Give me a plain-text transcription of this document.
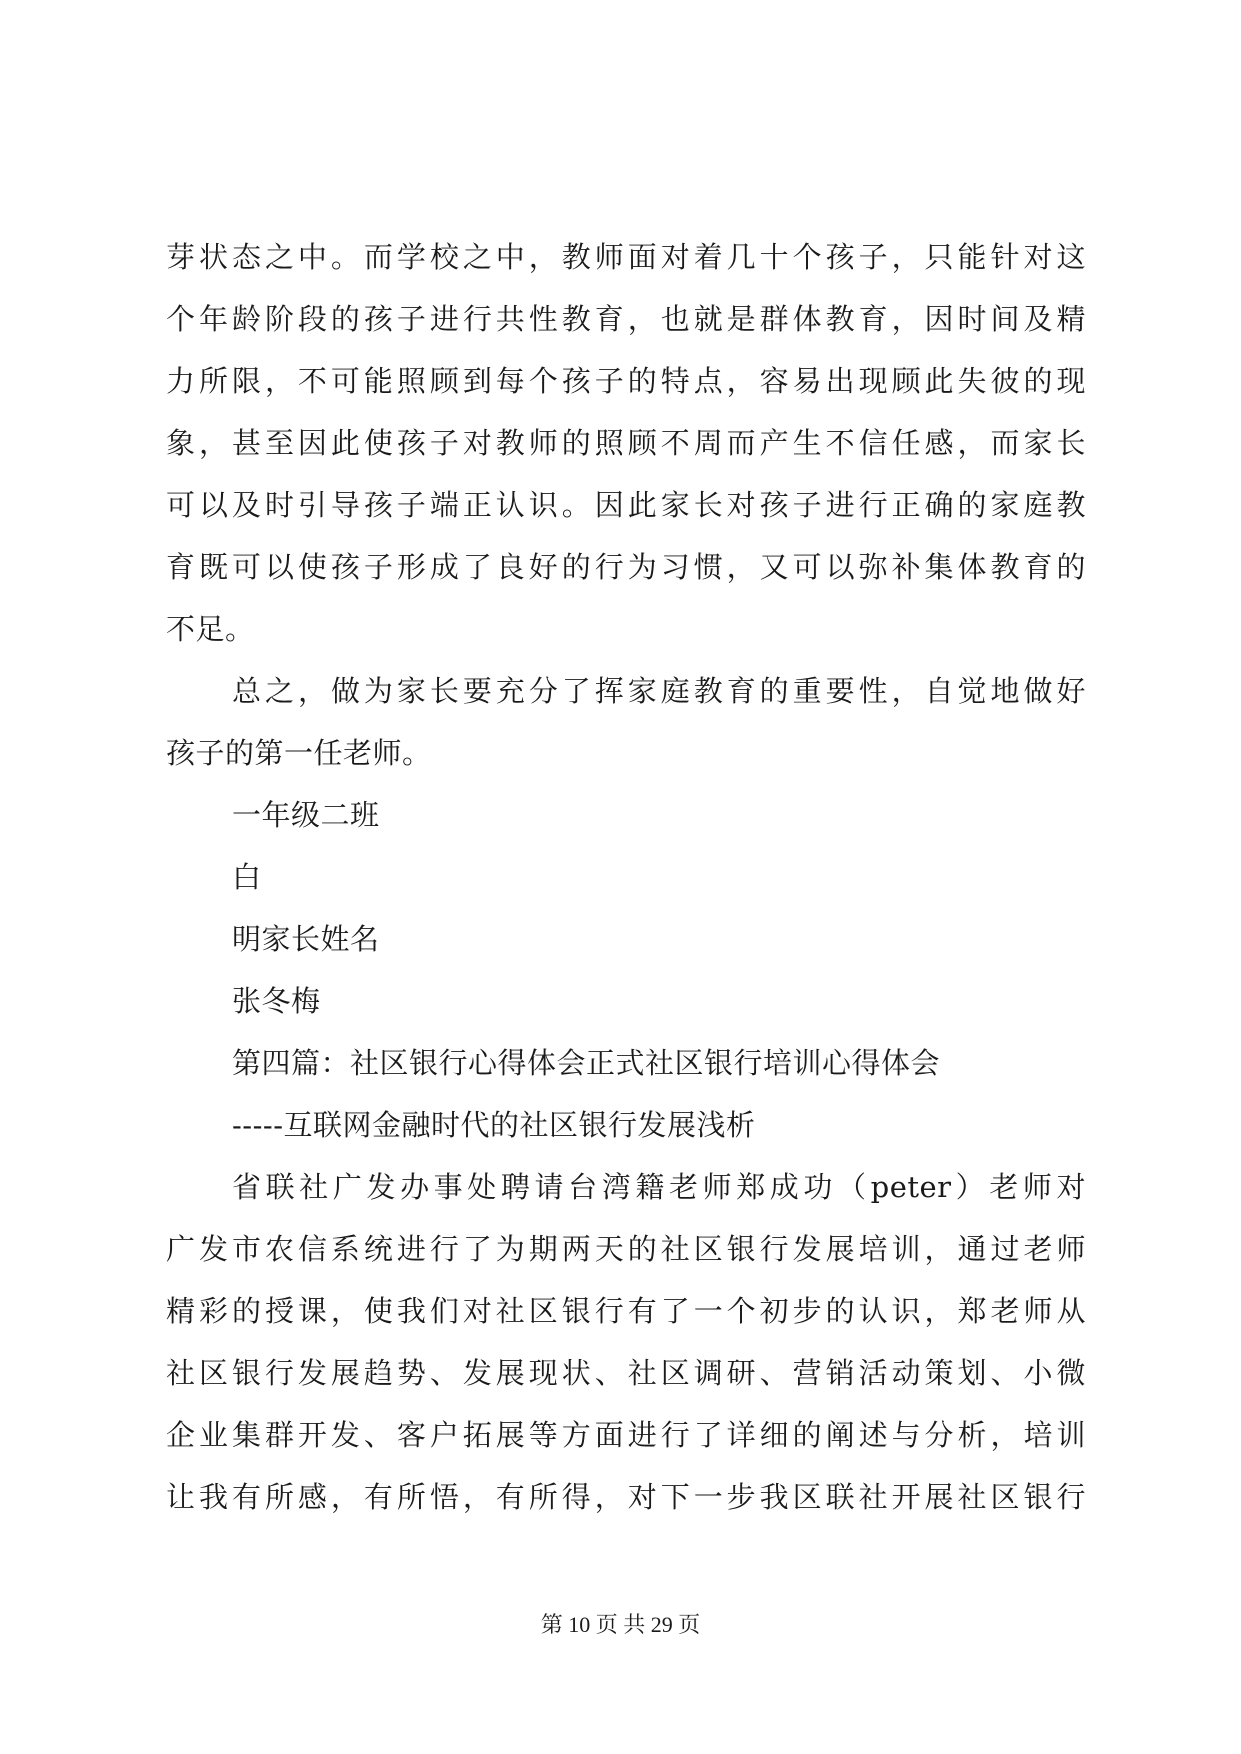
芽状态之中。而学校之中，教师面对着几十个孩子，只能针对这
个年龄阶段的孩子进行共性教育，也就是群体教育，因时间及精
力所限，不可能照顾到每个孩子的特点，容易出现顾此失彼的现
象，甚至因此使孩子对教师的照顾不周而产生不信任感，而家长
可以及时引导孩子端正认识。因此家长对孩子进行正确的家庭教
育既可以使孩子形成了良好的行为习惯，又可以弥补集体教育的
不足。
总之，做为家长要充分了挥家庭教育的重要性，自觉地做好
孩子的第一任老师。
一年级二班
白
明家长姓名
张冬梅
第四篇：社区银行心得体会正式社区银行培训心得体会
-----互联网金融时代的社区银行发展浅析
省联社广发办事处聘请台湾籍老师郑成功（peter）老师对
广发市农信系统进行了为期两天的社区银行发展培训，通过老师
精彩的授课，使我们对社区银行有了一个初步的认识，郑老师从
社区银行发展趋势、发展现状、社区调研、营销活动策划、小微
企业集群开发、客户拓展等方面进行了详细的阐述与分析，培训
让我有所感，有所悟，有所得，对下一步我区联社开展社区银行
第 10 页 共 29 页
